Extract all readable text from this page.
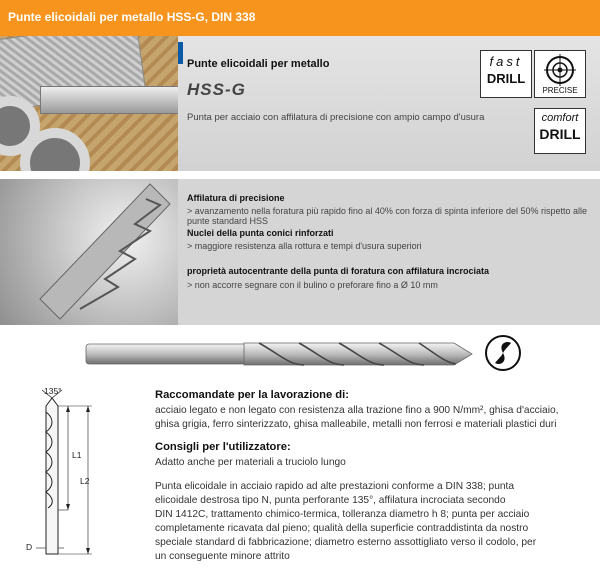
Punte elicoidali per metallo HSS-G, DIN 338
Punte elicoidali per metallo
HSS-G
Punta per acciaio con affilatura di precisione con ampio campo d'usura
fast
DRILL
PRECISE
comfort
DRILL
Affilatura di precisione
> avanzamento nella foratura più rapido fino al 40% con forza di spinta inferiore del 50% rispetto alle punte standard HSS
Nuclei della punta conici rinforzati
> maggiore resistenza alla rottura e tempi d'usura superiori
proprietà autocentrante della punta di foratura con affilatura incrociata
> non accorre segnare con il bulino o preforare fino a Ø 10 mm
135°
L1
L2
D
Raccomandate per la lavorazione di:
acciaio legato e non legato con resistenza alla trazione fino a 900 N/mm², ghisa d'acciaio,
ghisa grigia, ferro sinterizzato, ghisa malleabile, metalli non ferrosi e materiali plastici duri
Consigli per l'utilizzatore:
Adatto anche per materiali a truciolo lungo
Punta elicoidale in acciaio rapido ad alte prestazioni conforme a DIN 338; punta
elicoidale destrosa tipo N, punta perforante 135°, affilatura incrociata secondo
DIN 1412C, trattamento chimico-termica, tolleranza diametro h 8; punta per acciaio
completamente ricavata dal pieno; qualità della superficie contraddistinta da nostro
speciale standard di fabbricazione; diametro esterno assottigliato verso il codolo, per
un conseguente minore attrito
